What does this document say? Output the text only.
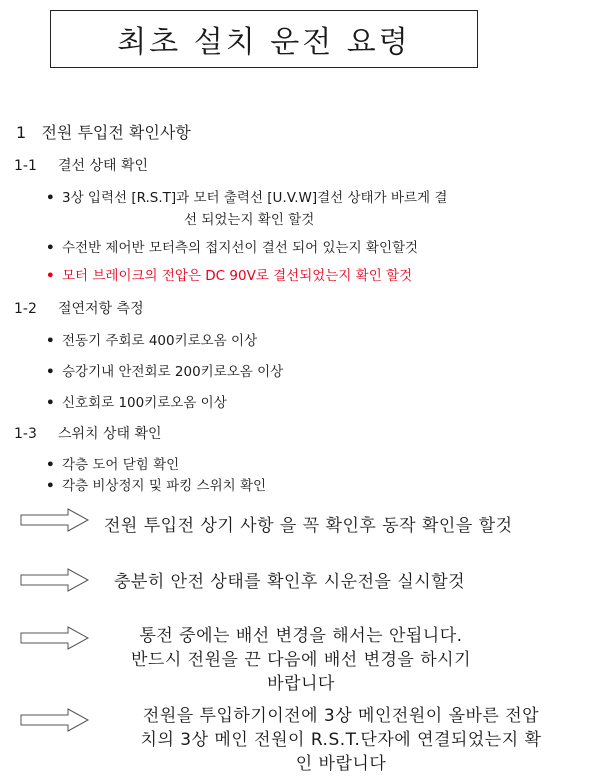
최초 설치 운전 요령
1 전원 투입전 확인사항
1-1 결선 상태 확인
• 3상 입력선 [R.S.T]과 모터 출력선 [U.V.W]결선 상태가 바르게 결
선 되었는지 확인 할것
• 수전반 제어반 모터측의 접지선이 결선 되어 있는지 확인할것
• 모터 브레이크의 전압은 DC 90V로 결선되었는지 확인 할것
1-2 절연저항 측정
• 전동기 주회로 400키로오옴 이상
• 승강기내 안전회로 200키로오옴 이상
• 신호회로 100키로오옴 이상
1-3 스위치 상태 확인
• 각층 도어 닫힘 확인
• 각층 비상정지 및 파킹 스위치 확인
전원 투입전 상기 사항 을 꼭 확인후 동작 확인을 할것
충분히 안전 상태를 확인후 시운전을 실시할것
통전 중에는 배선 변경을 해서는 안됩니다.
반드시 전원을 끈 다음에 배선 변경을 하시기
바랍니다
전원을 투입하기이전에 3상 메인전원이 올바른 전압
치의 3상 메인 전원이 R.S.T.단자에 연결되었는지 확
인 바랍니다
